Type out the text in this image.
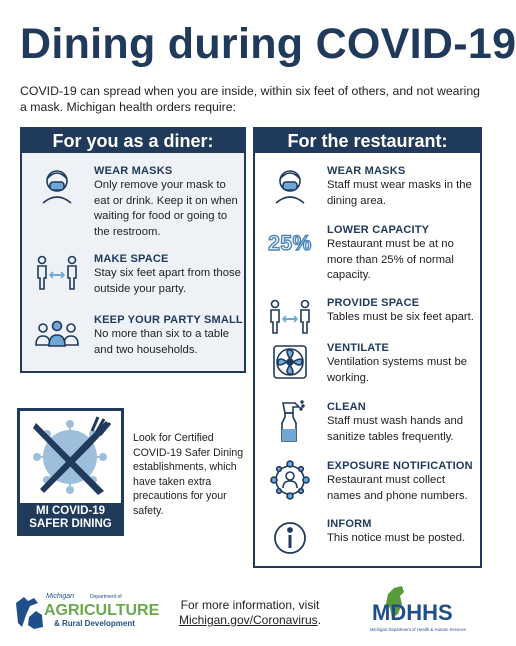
Dining during COVID-19
COVID-19 can spread when you are inside, within six feet of others, and not wearing a mask. Michigan health orders require:
For you as a diner:
WEAR MASKS
Only remove your mask to eat or drink. Keep it on when waiting for food or going to the restroom.
MAKE SPACE
Stay six feet apart from those outside your party.
KEEP YOUR PARTY SMALL
No more than six to a table and two households.
For the restaurant:
WEAR MASKS
Staff must wear masks in the dining area.
25%
LOWER CAPACITY
Restaurant must be at no more than 25% of normal capacity.
PROVIDE SPACE
Tables must be six feet apart.
VENTILATE
Ventilation systems must be working.
CLEAN
Staff must wash hands and sanitize tables frequently.
EXPOSURE NOTIFICATION
Restaurant must collect names and phone numbers.
INFORM
This notice must be posted.
MI COVID-19
SAFER DINING
Look for Certified COVID-19 Safer Dining establishments, which have taken extra precautions for your safety.
Michigan	Department of
AGRICULTURE
& Rural Development
For more information, visit
Michigan.gov/Coronavirus.	MDHHS
Michigan Department of Health & Human Services
